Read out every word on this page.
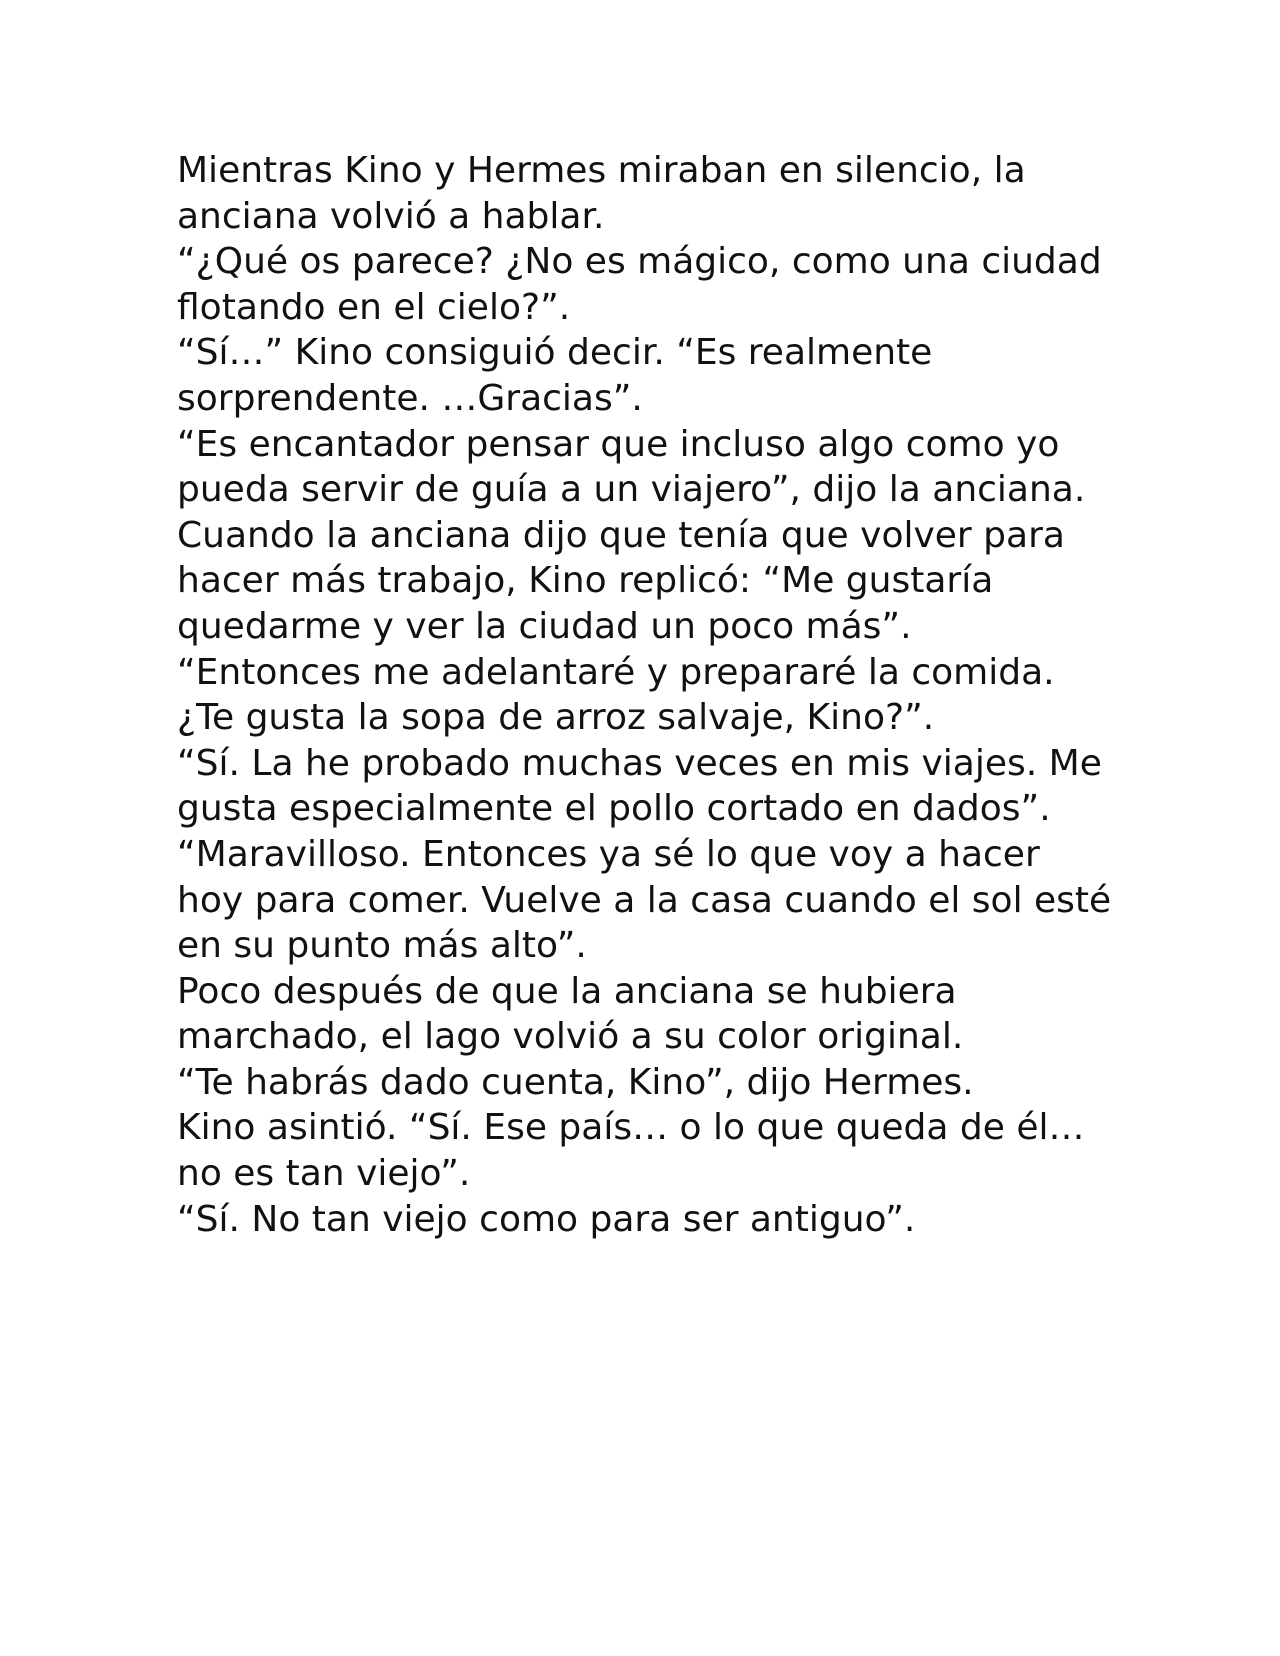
Mientras Kino y Hermes miraban en silencio, la anciana volvió a hablar.

“¿Qué os parece? ¿No es mágico, como una ciudad flotando en el cielo?”.

“Sí…” Kino consiguió decir. “Es realmente sorprendente. …Gracias”.

“Es encantador pensar que incluso algo como yo pueda servir de guía a un viajero”, dijo la anciana.

Cuando la anciana dijo que tenía que volver para hacer más trabajo, Kino replicó: “Me gustaría quedarme y ver la ciudad un poco más”.

“Entonces me adelantaré y prepararé la comida. ¿Te gusta la sopa de arroz salvaje, Kino?”.

“Sí. La he probado muchas veces en mis viajes. Me gusta especialmente el pollo cortado en dados”.

“Maravilloso. Entonces ya sé lo que voy a hacer hoy para comer. Vuelve a la casa cuando el sol esté en su punto más alto”.

Poco después de que la anciana se hubiera marchado, el lago volvió a su color original.

“Te habrás dado cuenta, Kino”, dijo Hermes.

Kino asintió. “Sí. Ese país… o lo que queda de él… no es tan viejo”.

“Sí. No tan viejo como para ser antiguo”.
